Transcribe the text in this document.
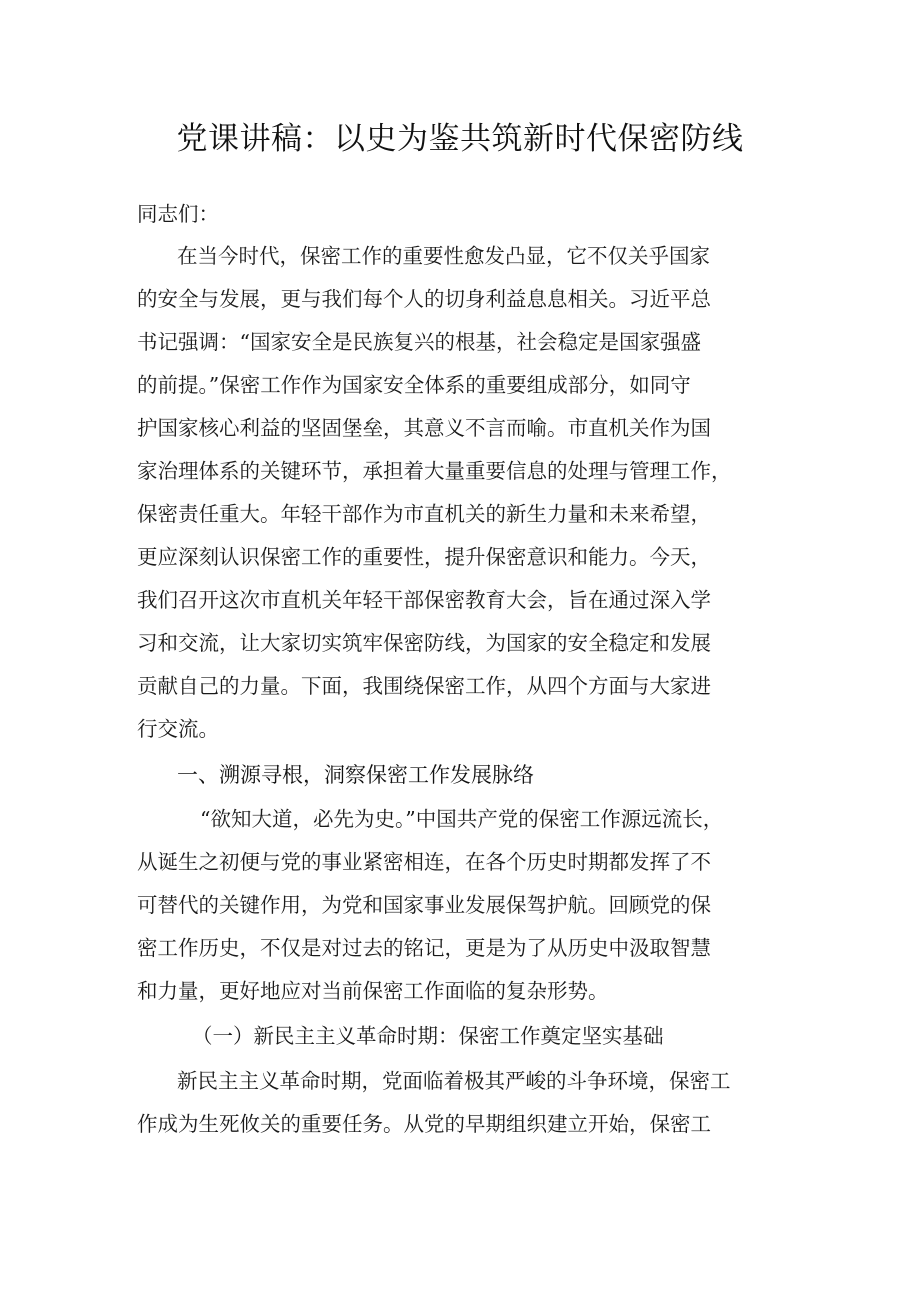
党课讲稿：以史为鉴共筑新时代保密防线
同志们：
在当今时代，保密工作的重要性愈发凸显，它不仅关乎国家
的安全与发展，更与我们每个人的切身利益息息相关。习近平总
书记强调：“国家安全是民族复兴的根基，社会稳定是国家强盛
的前提。”保密工作作为国家安全体系的重要组成部分，如同守
护国家核心利益的坚固堡垒，其意义不言而喻。市直机关作为国
家治理体系的关键环节，承担着大量重要信息的处理与管理工作，
保密责任重大。年轻干部作为市直机关的新生力量和未来希望，
更应深刻认识保密工作的重要性，提升保密意识和能力。今天，
我们召开这次市直机关年轻干部保密教育大会，旨在通过深入学
习和交流，让大家切实筑牢保密防线，为国家的安全稳定和发展
贡献自己的力量。下面，我围绕保密工作，从四个方面与大家进
行交流。
一、溯源寻根，洞察保密工作发展脉络
“欲知大道，必先为史。”中国共产党的保密工作源远流长，
从诞生之初便与党的事业紧密相连，在各个历史时期都发挥了不
可替代的关键作用，为党和国家事业发展保驾护航。回顾党的保
密工作历史，不仅是对过去的铭记，更是为了从历史中汲取智慧
和力量，更好地应对当前保密工作面临的复杂形势。
（一）新民主主义革命时期：保密工作奠定坚实基础
新民主主义革命时期，党面临着极其严峻的斗争环境，保密工
作成为生死攸关的重要任务。从党的早期组织建立开始，保密工
